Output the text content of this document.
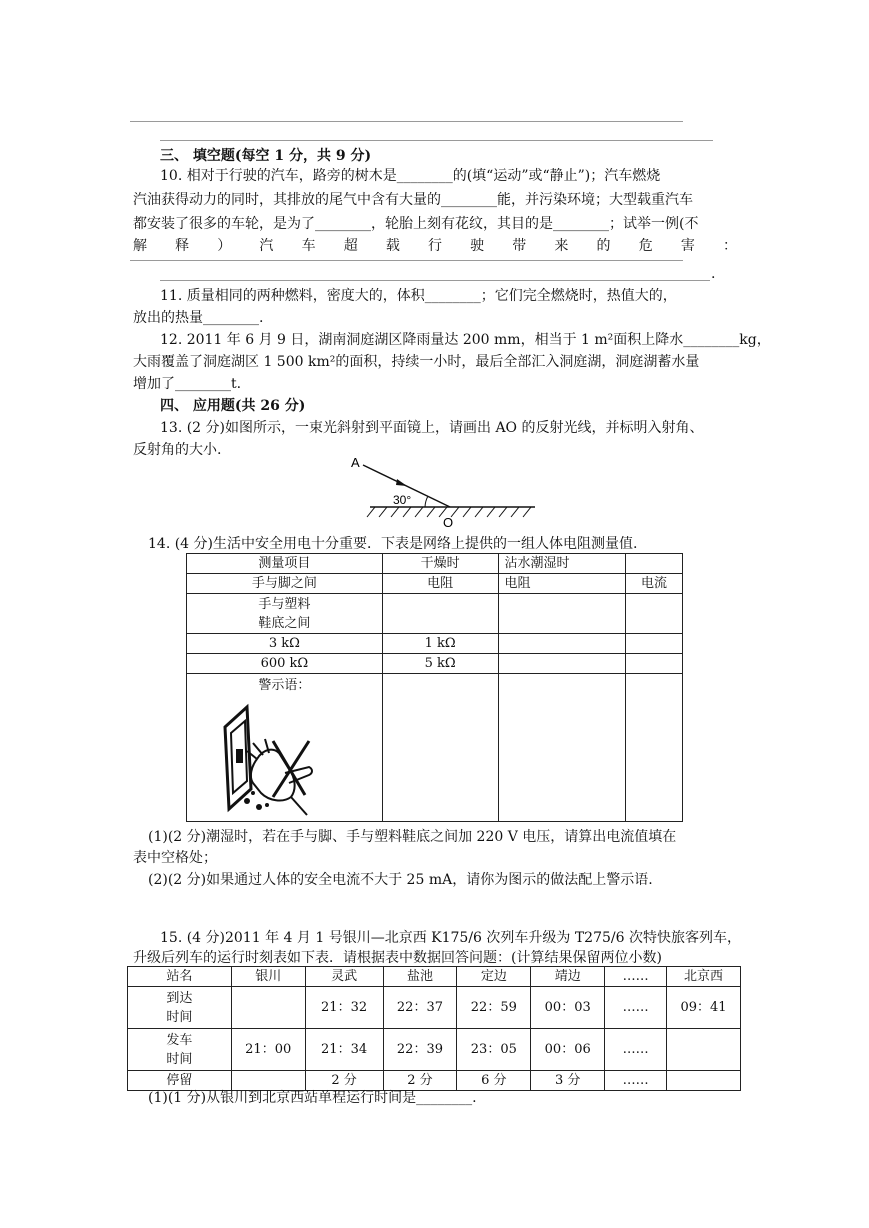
三、 填空题(每空 1 分，共 9 分)
10. 相对于行驶的汽车，路旁的树木是________的(填“运动”或“静止”)；汽车燃烧
汽油获得动力的同时，其排放的尾气中含有大量的________能，并污染环境；大型载重汽车
都安装了很多的车轮，是为了________，轮胎上刻有花纹，其目的是________；试举一例(不
解 释 ） 汽 车 超 载 行 驶 带 来 的 危 害 ：
.
11. 质量相同的两种燃料，密度大的，体积________；它们完全燃烧时，热值大的，
放出的热量________.
12. 2011 年 6 月 9 日，湖南洞庭湖区降雨量达 200 mm，相当于 1 m²面积上降水________kg，
大雨覆盖了洞庭湖区 1 500 km²的面积，持续一小时，最后全部汇入洞庭湖，洞庭湖蓄水量
增加了________t.
四、 应用题(共 26 分)
13. (2 分)如图所示，一束光斜射到平面镜上，请画出 AO 的反射光线，并标明入射角、
反射角的大小.
A
30°
O
14. (4 分)生活中安全用电十分重要．下表是网络上提供的一组人体电阻测量值.
测量项目	干燥时	沾水潮湿时	
手与脚之间	电阻	电阻	电流

手与塑料
鞋底之间			

3 kΩ	1 kΩ		
600 kΩ	5 kΩ		

警示语：			

(1)(2 分)潮湿时，若在手与脚、手与塑料鞋底之间加 220 V 电压，请算出电流值填在
表中空格处；
(2)(2 分)如果通过人体的安全电流不大于 25 mA，请你为图示的做法配上警示语.
15. (4 分)2011 年 4 月 1 号银川—北京西 K175/6 次列车升级为 T275/6 次特快旅客列车，
升级后列车的运行时刻表如下表．请根据表中数据回答问题：(计算结果保留两位小数)
站名	银川	灵武	盐池	定边	靖边	……	北京西

到达
时间		21：32	22：37	22：59	00：03	……	09：41

发车
时间	21：00	21：34	22：39	23：05	00：06	……	
停留		2 分	2 分	6 分	3 分	……	
(1)(1 分)从银川到北京西站单程运行时间是________.
